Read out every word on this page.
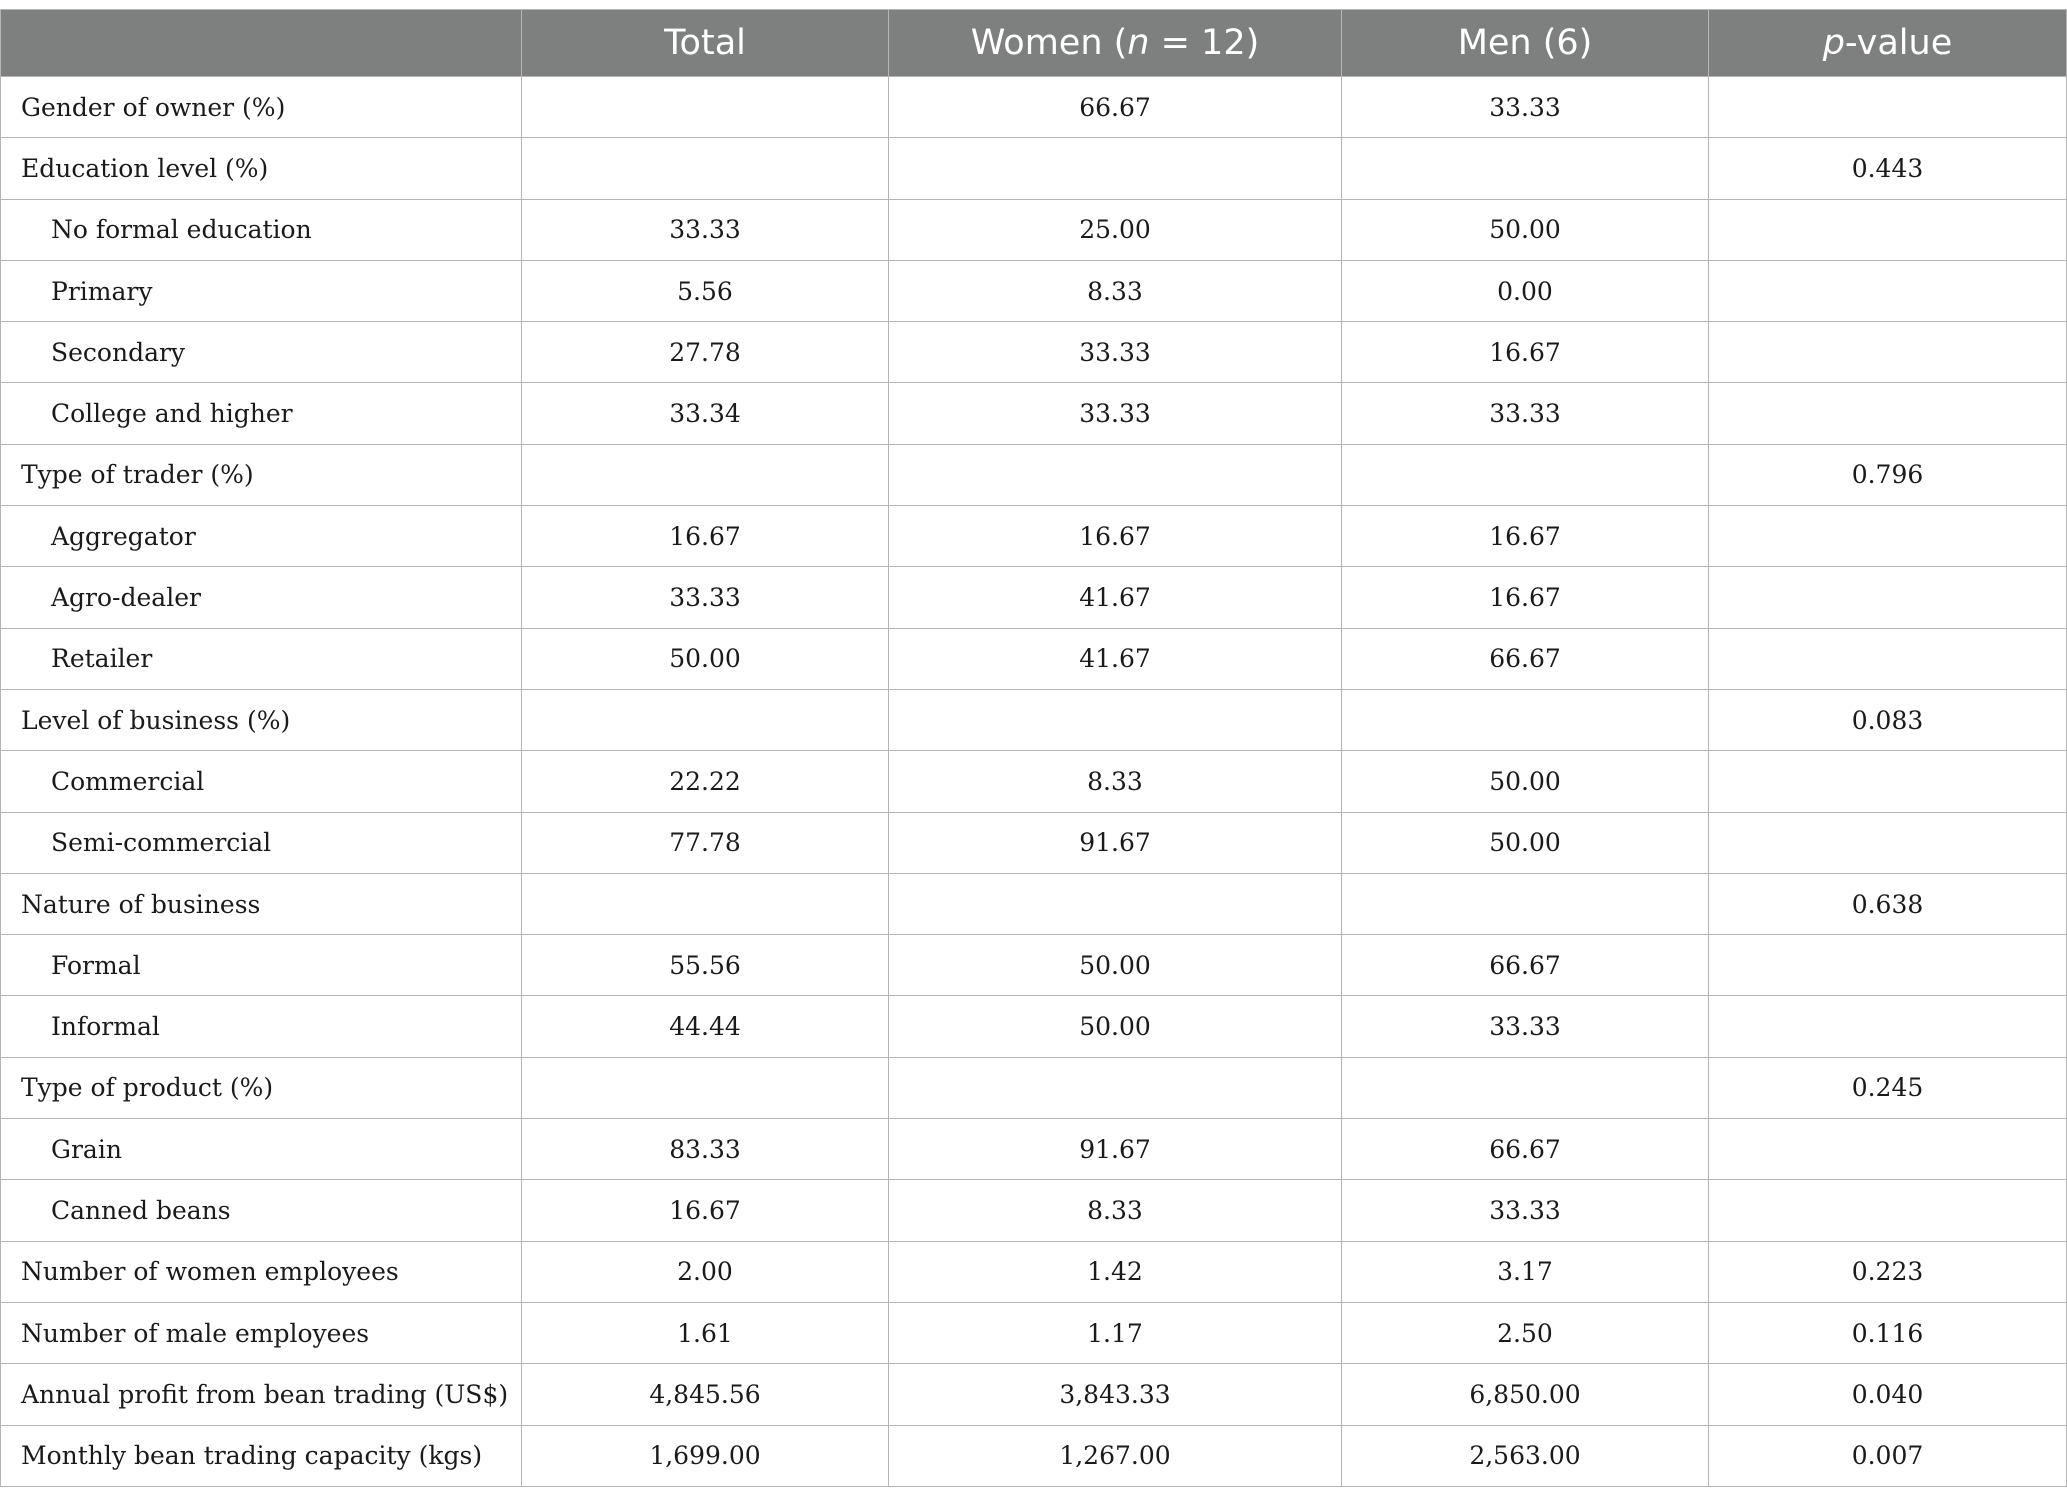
	Total	Women (n = 12)	Men (6)	p-value
Gender of owner (%)		66.67	33.33	
Education level (%)				0.443
No formal education	33.33	25.00	50.00	
Primary	5.56	8.33	0.00	
Secondary	27.78	33.33	16.67	
College and higher	33.34	33.33	33.33	
Type of trader (%)				0.796
Aggregator	16.67	16.67	16.67	
Agro-dealer	33.33	41.67	16.67	
Retailer	50.00	41.67	66.67	
Level of business (%)				0.083
Commercial	22.22	8.33	50.00	
Semi-commercial	77.78	91.67	50.00	
Nature of business				0.638
Formal	55.56	50.00	66.67	
Informal	44.44	50.00	33.33	
Type of product (%)				0.245
Grain	83.33	91.67	66.67	
Canned beans	16.67	8.33	33.33	
Number of women employees	2.00	1.42	3.17	0.223
Number of male employees	1.61	1.17	2.50	0.116
Annual profit from bean trading (US$)	4,845.56	3,843.33	6,850.00	0.040
Monthly bean trading capacity (kgs)	1,699.00	1,267.00	2,563.00	0.007
